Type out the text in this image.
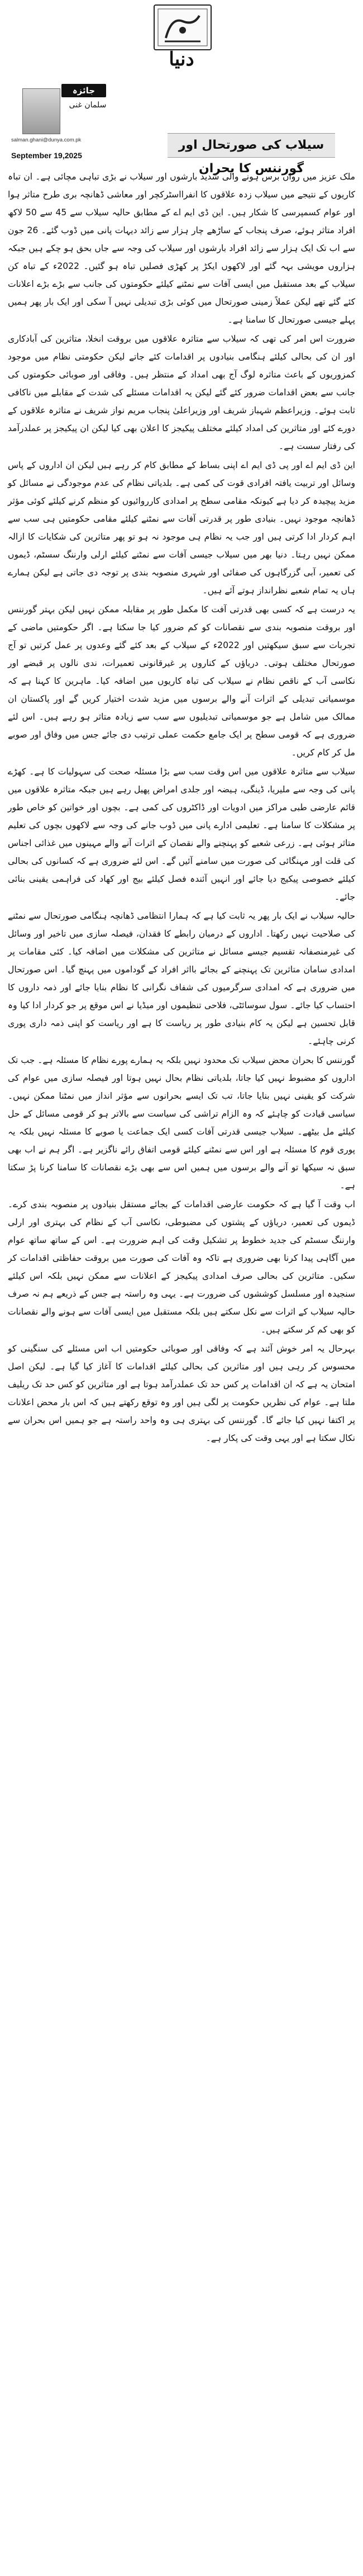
دنیا
جائزہ
سلمان غنی
salman.ghani@dunya.com.pk
September 19,2025
سیلاب کی صورتحال اور گورننس کا بحران

ملک عزیز میں رواں برس ہونے والی شدید بارشوں اور سیلاب نے بڑی تباہی مچائی ہے۔ ان تباہ کاریوں کے نتیجے میں سیلاب زدہ علاقوں کا انفرااسٹرکچر اور معاشی ڈھانچہ بری طرح متاثر ہوا اور عوام کسمپرسی کا شکار ہیں۔ این ڈی ایم اے کے مطابق حالیہ سیلاب سے 45 سے 50 لاکھ افراد متاثر ہوئے، صرف پنجاب کے ساڑھے چار ہزار سے زائد دیہات پانی میں ڈوب گئے۔ 26 جون سے اب تک ایک ہزار سے زائد افراد بارشوں اور سیلاب کی وجہ سے جاں بحق ہو چکے ہیں جبکہ ہزاروں مویشی بہہ گئے اور لاکھوں ایکڑ پر کھڑی فصلیں تباہ ہو گئیں۔ 2022ء کے تباہ کن سیلاب کے بعد مستقبل میں ایسی آفات سے نمٹنے کیلئے حکومتوں کی جانب سے بڑے بڑے اعلانات کئے گئے تھے لیکن عملاً زمینی صورتحال میں کوئی بڑی تبدیلی نہیں آ سکی اور ایک بار پھر ہمیں پہلے جیسی صورتحال کا سامنا ہے۔

ضرورت اس امر کی تھی کہ سیلاب سے متاثرہ علاقوں میں بروقت انخلا، متاثرین کی آبادکاری اور ان کی بحالی کیلئے ہنگامی بنیادوں پر اقدامات کئے جاتے لیکن حکومتی نظام میں موجود کمزوریوں کے باعث متاثرہ لوگ آج بھی امداد کے منتظر ہیں۔ وفاقی اور صوبائی حکومتوں کی جانب سے بعض اقدامات ضرور کئے گئے لیکن یہ اقدامات مسئلے کی شدت کے مقابلے میں ناکافی ثابت ہوئے۔ وزیراعظم شہباز شریف اور وزیراعلیٰ پنجاب مریم نواز شریف نے متاثرہ علاقوں کے دورے کئے اور متاثرین کی امداد کیلئے مختلف پیکیجز کا اعلان بھی کیا لیکن ان پیکیجز پر عملدرآمد کی رفتار سست ہے۔

این ڈی ایم اے اور پی ڈی ایم اے اپنی بساط کے مطابق کام کر رہے ہیں لیکن ان اداروں کے پاس وسائل اور تربیت یافتہ افرادی قوت کی کمی ہے۔ بلدیاتی نظام کی عدم موجودگی نے مسائل کو مزید پیچیدہ کر دیا ہے کیونکہ مقامی سطح پر امدادی کارروائیوں کو منظم کرنے کیلئے کوئی مؤثر ڈھانچہ موجود نہیں۔ بنیادی طور پر قدرتی آفات سے نمٹنے کیلئے مقامی حکومتیں ہی سب سے اہم کردار ادا کرتی ہیں اور جب یہ نظام ہی موجود نہ ہو تو پھر متاثرین کی شکایات کا ازالہ ممکن نہیں رہتا۔ دنیا بھر میں سیلاب جیسی آفات سے نمٹنے کیلئے ارلی وارننگ سسٹم، ڈیموں کی تعمیر، آبی گزرگاہوں کی صفائی اور شہری منصوبہ بندی پر توجہ دی جاتی ہے لیکن ہمارے ہاں یہ تمام شعبے نظرانداز ہوتے آئے ہیں۔

یہ درست ہے کہ کسی بھی قدرتی آفت کا مکمل طور پر مقابلہ ممکن نہیں لیکن بہتر گورننس اور بروقت منصوبہ بندی سے نقصانات کو کم ضرور کیا جا سکتا ہے۔ اگر حکومتیں ماضی کے تجربات سے سبق سیکھتیں اور 2022ء کے سیلاب کے بعد کئے گئے وعدوں پر عمل کرتیں تو آج صورتحال مختلف ہوتی۔ دریاؤں کے کناروں پر غیرقانونی تعمیرات، ندی نالوں پر قبضے اور نکاسی آب کے ناقص نظام نے سیلاب کی تباہ کاریوں میں اضافہ کیا۔ ماہرین کا کہنا ہے کہ موسمیاتی تبدیلی کے اثرات آنے والے برسوں میں مزید شدت اختیار کریں گے اور پاکستان ان ممالک میں شامل ہے جو موسمیاتی تبدیلیوں سے سب سے زیادہ متاثر ہو رہے ہیں۔ اس لئے ضروری ہے کہ قومی سطح پر ایک جامع حکمت عملی ترتیب دی جائے جس میں وفاق اور صوبے مل کر کام کریں۔

سیلاب سے متاثرہ علاقوں میں اس وقت سب سے بڑا مسئلہ صحت کی سہولیات کا ہے۔ کھڑے پانی کی وجہ سے ملیریا، ڈینگی، ہیضہ اور جلدی امراض پھیل رہے ہیں جبکہ متاثرہ علاقوں میں قائم عارضی طبی مراکز میں ادویات اور ڈاکٹروں کی کمی ہے۔ بچوں اور خواتین کو خاص طور پر مشکلات کا سامنا ہے۔ تعلیمی ادارے پانی میں ڈوب جانے کی وجہ سے لاکھوں بچوں کی تعلیم متاثر ہوئی ہے۔ زرعی شعبے کو پہنچنے والے نقصان کے اثرات آنے والے مہینوں میں غذائی اجناس کی قلت اور مہنگائی کی صورت میں سامنے آئیں گے۔ اس لئے ضروری ہے کہ کسانوں کی بحالی کیلئے خصوصی پیکیج دیا جائے اور انہیں آئندہ فصل کیلئے بیج اور کھاد کی فراہمی یقینی بنائی جائے۔

حالیہ سیلاب نے ایک بار پھر یہ ثابت کیا ہے کہ ہمارا انتظامی ڈھانچہ ہنگامی صورتحال سے نمٹنے کی صلاحیت نہیں رکھتا۔ اداروں کے درمیان رابطے کا فقدان، فیصلہ سازی میں تاخیر اور وسائل کی غیرمنصفانہ تقسیم جیسے مسائل نے متاثرین کی مشکلات میں اضافہ کیا۔ کئی مقامات پر امدادی سامان متاثرین تک پہنچنے کے بجائے بااثر افراد کے گوداموں میں پہنچ گیا۔ اس صورتحال میں ضروری ہے کہ امدادی سرگرمیوں کی شفاف نگرانی کا نظام بنایا جائے اور ذمہ داروں کا احتساب کیا جائے۔ سول سوسائٹی، فلاحی تنظیموں اور میڈیا نے اس موقع پر جو کردار ادا کیا وہ قابل تحسین ہے لیکن یہ کام بنیادی طور پر ریاست کا ہے اور ریاست کو اپنی ذمہ داری پوری کرنی چاہئے۔

گورننس کا بحران محض سیلاب تک محدود نہیں بلکہ یہ ہمارے پورے نظام کا مسئلہ ہے۔ جب تک اداروں کو مضبوط نہیں کیا جاتا، بلدیاتی نظام بحال نہیں ہوتا اور فیصلہ سازی میں عوام کی شرکت کو یقینی نہیں بنایا جاتا، تب تک ایسے بحرانوں سے مؤثر انداز میں نمٹنا ممکن نہیں۔ سیاسی قیادت کو چاہئے کہ وہ الزام تراشی کی سیاست سے بالاتر ہو کر قومی مسائل کے حل کیلئے مل بیٹھے۔ سیلاب جیسی قدرتی آفات کسی ایک جماعت یا صوبے کا مسئلہ نہیں بلکہ یہ پوری قوم کا مسئلہ ہے اور اس سے نمٹنے کیلئے قومی اتفاق رائے ناگزیر ہے۔ اگر ہم نے اب بھی سبق نہ سیکھا تو آنے والے برسوں میں ہمیں اس سے بھی بڑے نقصانات کا سامنا کرنا پڑ سکتا ہے۔

اب وقت آ گیا ہے کہ حکومت عارضی اقدامات کے بجائے مستقل بنیادوں پر منصوبہ بندی کرے۔ ڈیموں کی تعمیر، دریاؤں کے پشتوں کی مضبوطی، نکاسی آب کے نظام کی بہتری اور ارلی وارننگ سسٹم کی جدید خطوط پر تشکیل وقت کی اہم ضرورت ہے۔ اس کے ساتھ ساتھ عوام میں آگاہی پیدا کرنا بھی ضروری ہے تاکہ وہ آفات کی صورت میں بروقت حفاظتی اقدامات کر سکیں۔ متاثرین کی بحالی صرف امدادی پیکیجز کے اعلانات سے ممکن نہیں بلکہ اس کیلئے سنجیدہ اور مسلسل کوششوں کی ضرورت ہے۔ یہی وہ راستہ ہے جس کے ذریعے ہم نہ صرف حالیہ سیلاب کے اثرات سے نکل سکتے ہیں بلکہ مستقبل میں ایسی آفات سے ہونے والے نقصانات کو بھی کم کر سکتے ہیں۔

بہرحال یہ امر خوش آئند ہے کہ وفاقی اور صوبائی حکومتیں اب اس مسئلے کی سنگینی کو محسوس کر رہی ہیں اور متاثرین کی بحالی کیلئے اقدامات کا آغاز کیا گیا ہے۔ لیکن اصل امتحان یہ ہے کہ ان اقدامات پر کس حد تک عملدرآمد ہوتا ہے اور متاثرین کو کس حد تک ریلیف ملتا ہے۔ عوام کی نظریں حکومت پر لگی ہیں اور وہ توقع رکھتے ہیں کہ اس بار محض اعلانات پر اکتفا نہیں کیا جائے گا۔ گورننس کی بہتری ہی وہ واحد راستہ ہے جو ہمیں اس بحران سے نکال سکتا ہے اور یہی وقت کی پکار ہے۔
